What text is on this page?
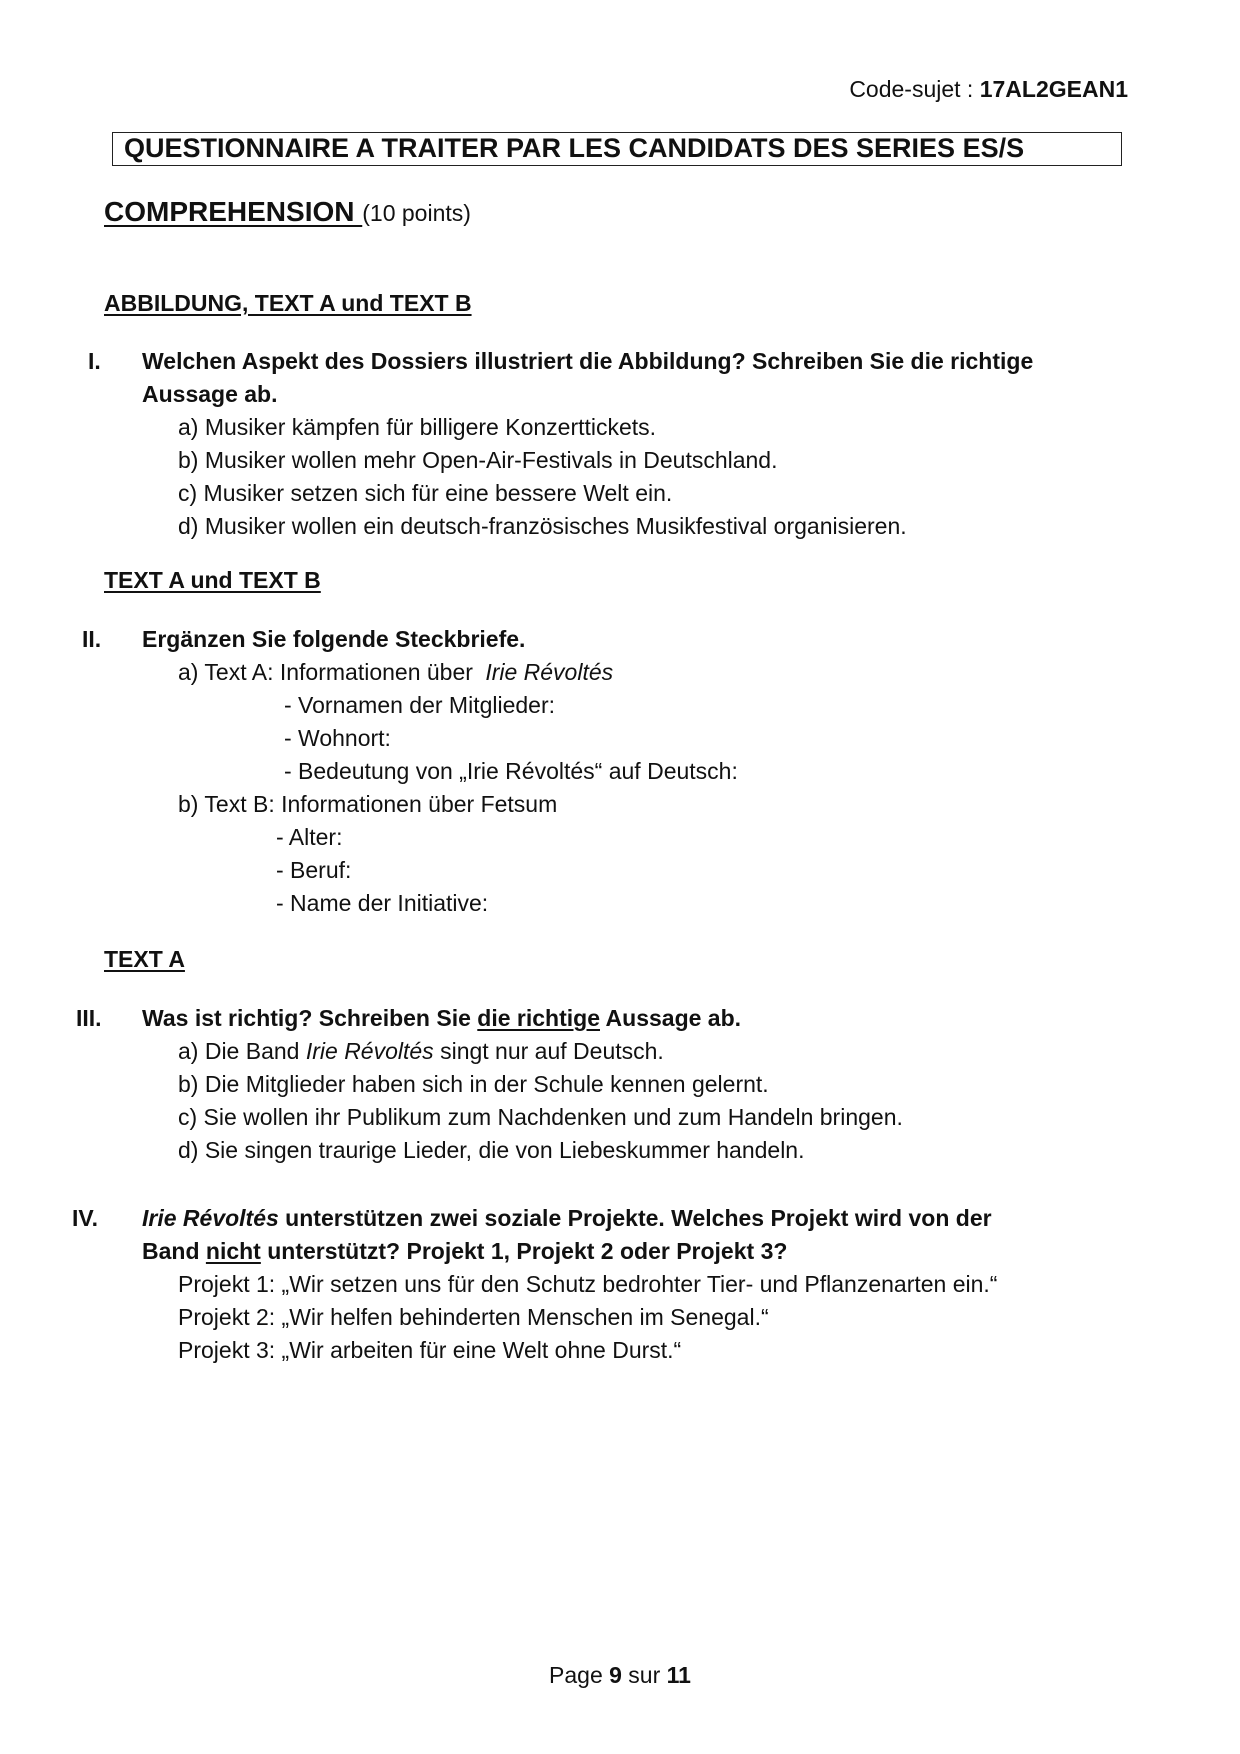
Code-sujet : 17AL2GEAN1
QUESTIONNAIRE A TRAITER PAR LES CANDIDATS DES SERIES ES/S
COMPREHENSION (10 points)
ABBILDUNG, TEXT A und TEXT B
I. Welchen Aspekt des Dossiers illustriert die Abbildung? Schreiben Sie die richtige
Aussage ab.
a) Musiker kämpfen für billigere Konzerttickets.
b) Musiker wollen mehr Open-Air-Festivals in Deutschland.
c) Musiker setzen sich für eine bessere Welt ein.
d) Musiker wollen ein deutsch-französisches Musikfestival organisieren.
TEXT A und TEXT B
II. Ergänzen Sie folgende Steckbriefe.
a) Text A: Informationen über Irie Révoltés
- Vornamen der Mitglieder:
- Wohnort:
- Bedeutung von „Irie Révoltés“ auf Deutsch:
b) Text B: Informationen über Fetsum
- Alter:
- Beruf:
- Name der Initiative:
TEXT A
III. Was ist richtig? Schreiben Sie die richtige Aussage ab.
a) Die Band Irie Révoltés singt nur auf Deutsch.
b) Die Mitglieder haben sich in der Schule kennen gelernt.
c) Sie wollen ihr Publikum zum Nachdenken und zum Handeln bringen.
d) Sie singen traurige Lieder, die von Liebeskummer handeln.
IV. Irie Révoltés unterstützen zwei soziale Projekte. Welches Projekt wird von der
Band nicht unterstützt? Projekt 1, Projekt 2 oder Projekt 3?
Projekt 1: „Wir setzen uns für den Schutz bedrohter Tier- und Pflanzenarten ein.“
Projekt 2: „Wir helfen behinderten Menschen im Senegal.“
Projekt 3: „Wir arbeiten für eine Welt ohne Durst.“
Page 9 sur 11
